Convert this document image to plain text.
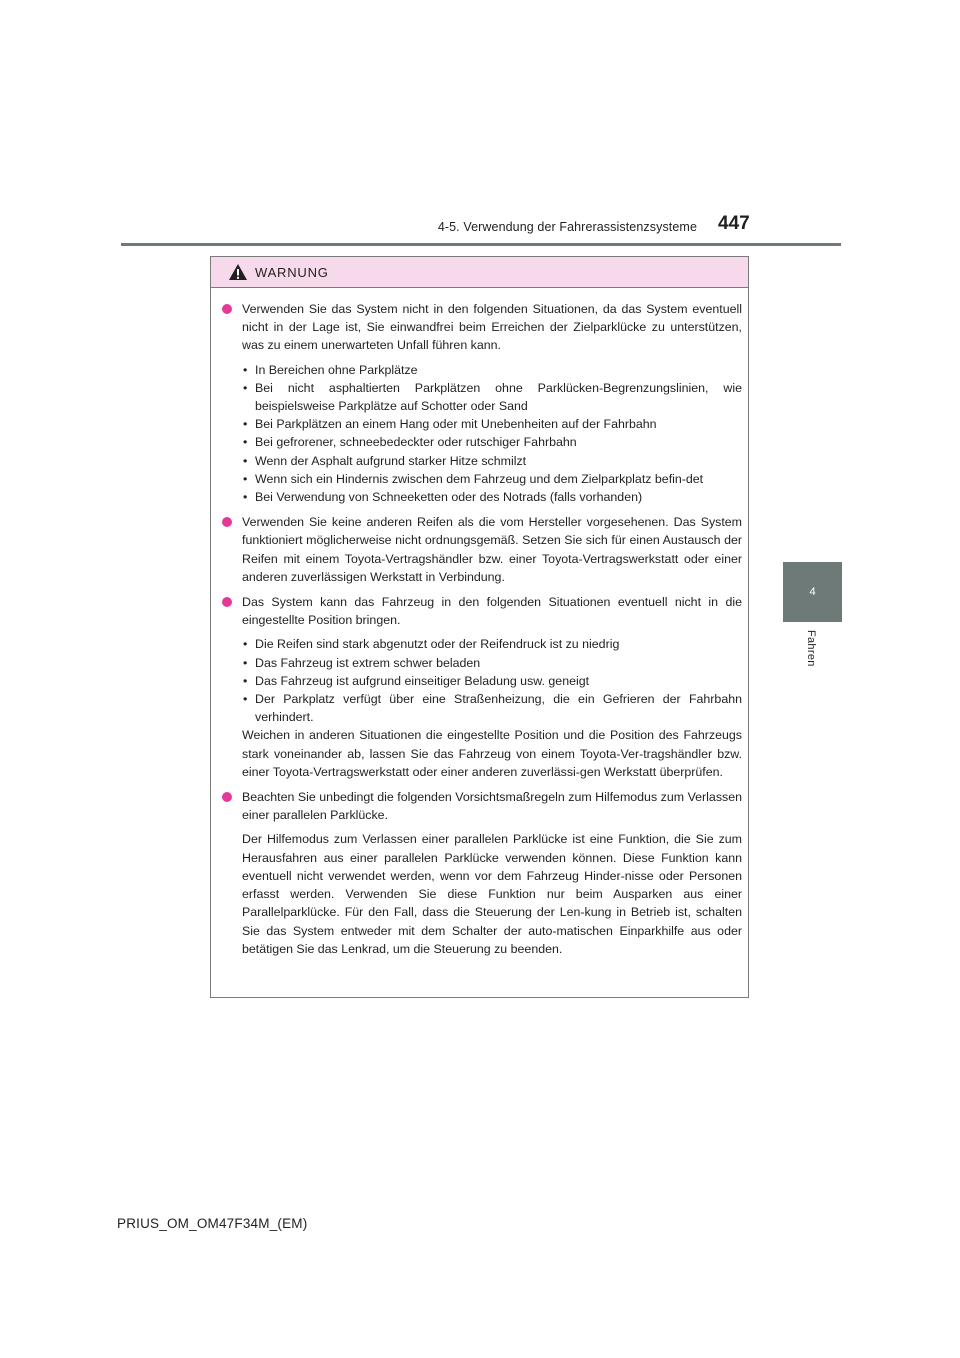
4-5. Verwendung der Fahrerassistenzsysteme 447
4
Fahren
WARNUNG

Verwenden Sie das System nicht in den folgenden Situationen, da das System eventuell nicht in der Lage ist, Sie einwandfrei beim Erreichen der Zielparklücke zu unterstützen, was zu einem unerwarteten Unfall führen kann.

• In Bereichen ohne Parkplätze
• Bei nicht asphaltierten Parkplätzen ohne Parklücken-Begrenzungslinien, wie beispielsweise Parkplätze auf Schotter oder Sand
• Bei Parkplätzen an einem Hang oder mit Unebenheiten auf der Fahrbahn
• Bei gefrorener, schneebedeckter oder rutschiger Fahrbahn
• Wenn der Asphalt aufgrund starker Hitze schmilzt
• Wenn sich ein Hindernis zwischen dem Fahrzeug und dem Zielparkplatz befin-det
• Bei Verwendung von Schneeketten oder des Notrads (falls vorhanden)

Verwenden Sie keine anderen Reifen als die vom Hersteller vorgesehenen. Das System funktioniert möglicherweise nicht ordnungsgemäß. Setzen Sie sich für einen Austausch der Reifen mit einem Toyota-Vertragshändler bzw. einer Toyota-Vertragswerkstatt oder einer anderen zuverlässigen Werkstatt in Verbindung.

Das System kann das Fahrzeug in den folgenden Situationen eventuell nicht in die eingestellte Position bringen.

• Die Reifen sind stark abgenutzt oder der Reifendruck ist zu niedrig
• Das Fahrzeug ist extrem schwer beladen
• Das Fahrzeug ist aufgrund einseitiger Beladung usw. geneigt
• Der Parkplatz verfügt über eine Straßenheizung, die ein Gefrieren der Fahrbahn verhindert.

Weichen in anderen Situationen die eingestellte Position und die Position des Fahrzeugs stark voneinander ab, lassen Sie das Fahrzeug von einem Toyota-Ver-tragshändler bzw. einer Toyota-Vertragswerkstatt oder einer anderen zuverlässi-gen Werkstatt überprüfen.

Beachten Sie unbedingt die folgenden Vorsichtsmaßregeln zum Hilfemodus zum Verlassen einer parallelen Parklücke.

Der Hilfemodus zum Verlassen einer parallelen Parklücke ist eine Funktion, die Sie zum Herausfahren aus einer parallelen Parklücke verwenden können. Diese Funktion kann eventuell nicht verwendet werden, wenn vor dem Fahrzeug Hinder-nisse oder Personen erfasst werden. Verwenden Sie diese Funktion nur beim Ausparken aus einer Parallelparklücke. Für den Fall, dass die Steuerung der Len-kung in Betrieb ist, schalten Sie das System entweder mit dem Schalter der auto-matischen Einparkhilfe aus oder betätigen Sie das Lenkrad, um die Steuerung zu beenden.

PRIUS_OM_OM47F34M_(EM)
